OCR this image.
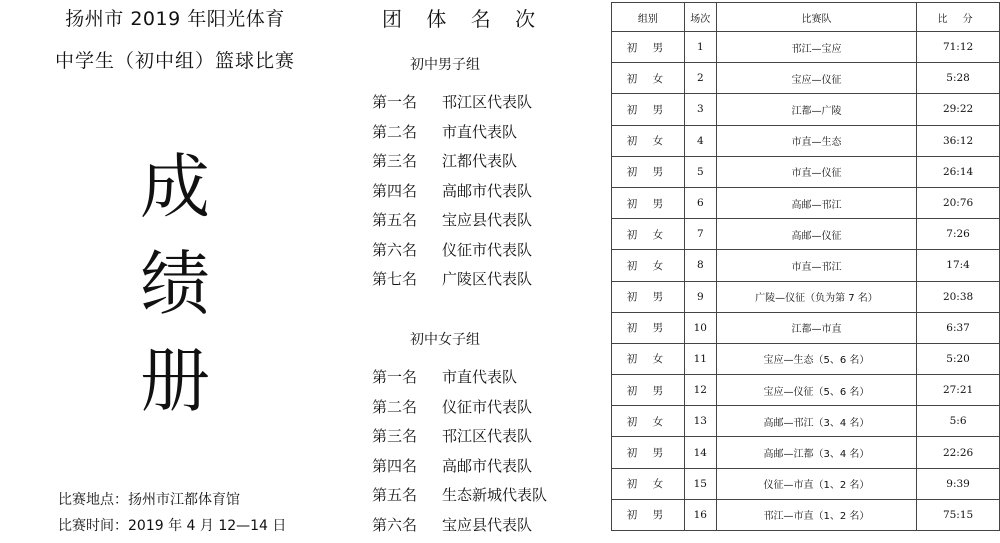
扬州市 2019 年阳光体育
中学生（初中组）篮球比赛
成
绩
册
比赛地点：扬州市江都体育馆
比赛时间：2019 年 4 月 12—14 日
团 体 名 次
初中男子组
第一名	邗江区代表队
第二名	市直代表队
第三名	江都代表队
第四名	高邮市代表队
第五名	宝应县代表队
第六名	仪征市代表队
第七名	广陵区代表队
初中女子组
第一名	市直代表队
第二名	仪征市代表队
第三名	邗江区代表队
第四名	高邮市代表队
第五名	生态新城代表队
第六名	宝应县代表队
组别	场次	比赛队	比 分
初 男	1	邗江—宝应	71:12
初 女	2	宝应—仪征	5:28
初 男	3	江都—广陵	29:22
初 女	4	市直—生态	36:12
初 男	5	市直—仪征	26:14
初 男	6	高邮—邗江	20:76
初 女	7	高邮—仪征	7:26
初 女	8	市直—邗江	17:4
初 男	9	广陵—仪征（负为第 7 名）	20:38
初 男	10	江都—市直	6:37
初 女	11	宝应—生态（5、6 名）	5:20
初 男	12	宝应—仪征（5、6 名）	27:21
初 女	13	高邮—邗江（3、4 名）	5:6
初 男	14	高邮—江都（3、4 名）	22:26
初 女	15	仪征—市直（1、2 名）	9:39
初 男	16	邗江—市直（1、2 名）	75:15
